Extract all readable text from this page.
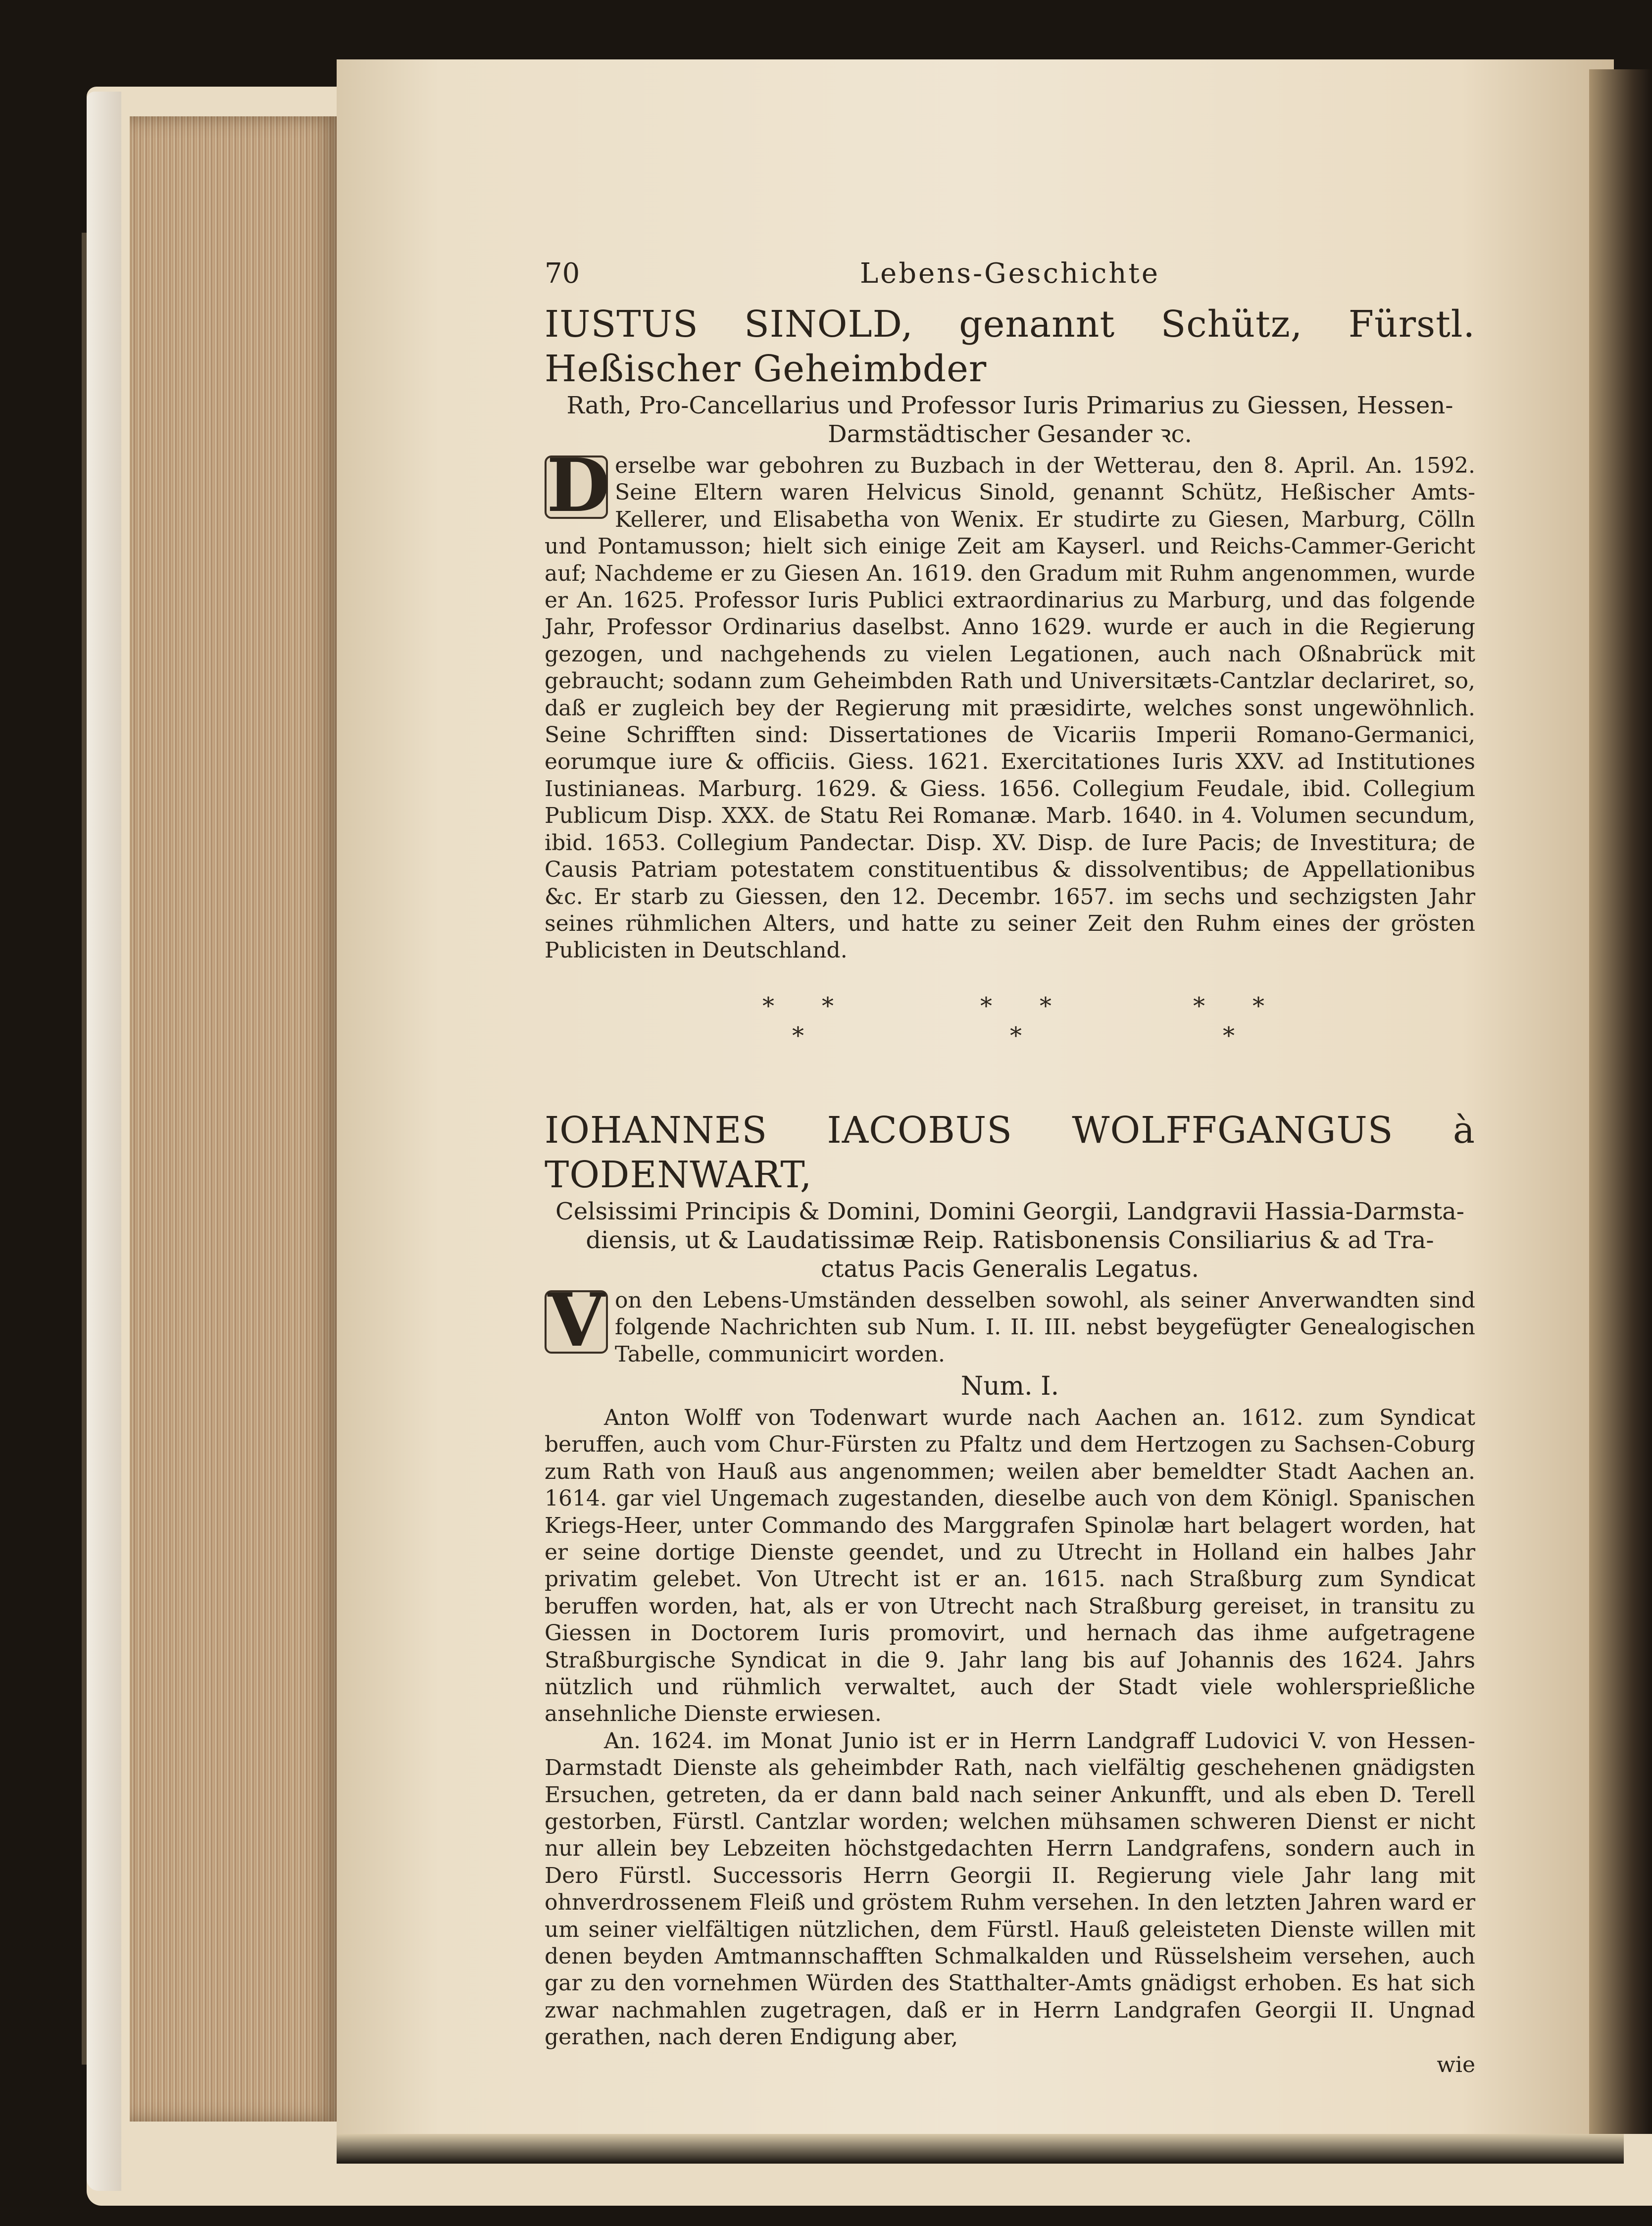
70	Lebens-Geschichte

IUSTUS SINOLD, genannt Schütz, Fürstl. Heßischer Geheimbder

Rath, Pro-Cancellarius und Professor Iuris Primarius zu Giessen, Hessen-

Darmstädtischer Gesander ꝛc.

D erselbe war gebohren zu Buzbach in der Wetterau, den 8. April. An. 1592. Seine Eltern waren Helvicus Sinold, genannt Schütz, Heßischer Amts-Kellerer, und Elisabetha von Wenix. Er studirte zu Giesen, Marburg, Cölln und Pontamusson; hielt sich einige Zeit am Kayserl. und Reichs-Cammer-Gericht auf; Nachdeme er zu Giesen An. 1619. den Gradum mit Ruhm angenommen, wurde er An. 1625. Professor Iuris Publici extraordinarius zu Marburg, und das folgende Jahr, Professor Ordinarius daselbst. Anno 1629. wurde er auch in die Regierung gezogen, und nachgehends zu vielen Legationen, auch nach Oßnabrück mit gebraucht; sodann zum Geheimbden Rath und Universitæts-Cantzlar declariret, so, daß er zugleich bey der Regierung mit præsidirte, welches sonst ungewöhnlich. Seine Schrifften sind: Dissertationes de Vicariis Imperii Romano-Germanici, eorumque iure & officiis. Giess. 1621. Exercitationes Iuris XXV. ad Institutiones Iustinianeas. Marburg. 1629. & Giess. 1656. Collegium Feudale, ibid. Collegium Publicum Disp. XXX. de Statu Rei Romanæ. Marb. 1640. in 4. Volumen secundum, ibid. 1653. Collegium Pandectar. Disp. XV. Disp. de Iure Pacis; de Investitura; de Causis Patriam potestatem constituentibus & dissolventibus; de Appellationibus &c. Er starb zu Giessen, den 12. Decembr. 1657. im sechs und sechzigsten Jahr seines rühmlichen Alters, und hatte zu seiner Zeit den Ruhm eines der grösten Publicisten in Deutschland.

* *
*
* *
*
* *
*

IOHANNES IACOBUS WOLFFGANGUS à TODENWART,

Celsissimi Principis & Domini, Domini Georgii, Landgravii Hassia-Darmsta-

diensis, ut & Laudatissimæ Reip. Ratisbonensis Consiliarius & ad Tra-

ctatus Pacis Generalis Legatus.

V on den Lebens-Umständen desselben sowohl, als seiner Anverwandten sind folgende Nachrichten sub Num. I. II. III. nebst beygefügter Genealogischen Tabelle, communicirt worden.

Num. I.

Anton Wolff von Todenwart wurde nach Aachen an. 1612. zum Syndicat beruffen, auch vom Chur-Fürsten zu Pfaltz und dem Hertzogen zu Sachsen-Coburg zum Rath von Hauß aus angenommen; weilen aber bemeldter Stadt Aachen an. 1614. gar viel Ungemach zugestanden, dieselbe auch von dem Königl. Spanischen Kriegs-Heer, unter Commando des Marggrafen Spinolæ hart belagert worden, hat er seine dortige Dienste geendet, und zu Utrecht in Holland ein halbes Jahr privatim gelebet. Von Utrecht ist er an. 1615. nach Straßburg zum Syndicat beruffen worden, hat, als er von Utrecht nach Straßburg gereiset, in transitu zu Giessen in Doctorem Iuris promovirt, und hernach das ihme aufgetragene Straßburgische Syndicat in die 9. Jahr lang bis auf Johannis des 1624. Jahrs nützlich und rühmlich verwaltet, auch der Stadt viele wohlersprießliche ansehnliche Dienste erwiesen.

An. 1624. im Monat Junio ist er in Herrn Landgraff Ludovici V. von Hessen-Darmstadt Dienste als geheimbder Rath, nach vielfältig geschehenen gnädigsten Ersuchen, getreten, da er dann bald nach seiner Ankunfft, und als eben D. Terell gestorben, Fürstl. Cantzlar worden; welchen mühsamen schweren Dienst er nicht nur allein bey Lebzeiten höchstgedachten Herrn Landgrafens, sondern auch in Dero Fürstl. Successoris Herrn Georgii II. Regierung viele Jahr lang mit ohnverdrossenem Fleiß und gröstem Ruhm versehen. In den letzten Jahren ward er um seiner vielfältigen nützlichen, dem Fürstl. Hauß geleisteten Dienste willen mit denen beyden Amtmannschafften Schmalkalden und Rüsselsheim versehen, auch gar zu den vornehmen Würden des Statthalter-Amts gnädigst erhoben. Es hat sich zwar nachmahlen zugetragen, daß er in Herrn Landgrafen Georgii II. Ungnad gerathen, nach deren Endigung aber,

wie
